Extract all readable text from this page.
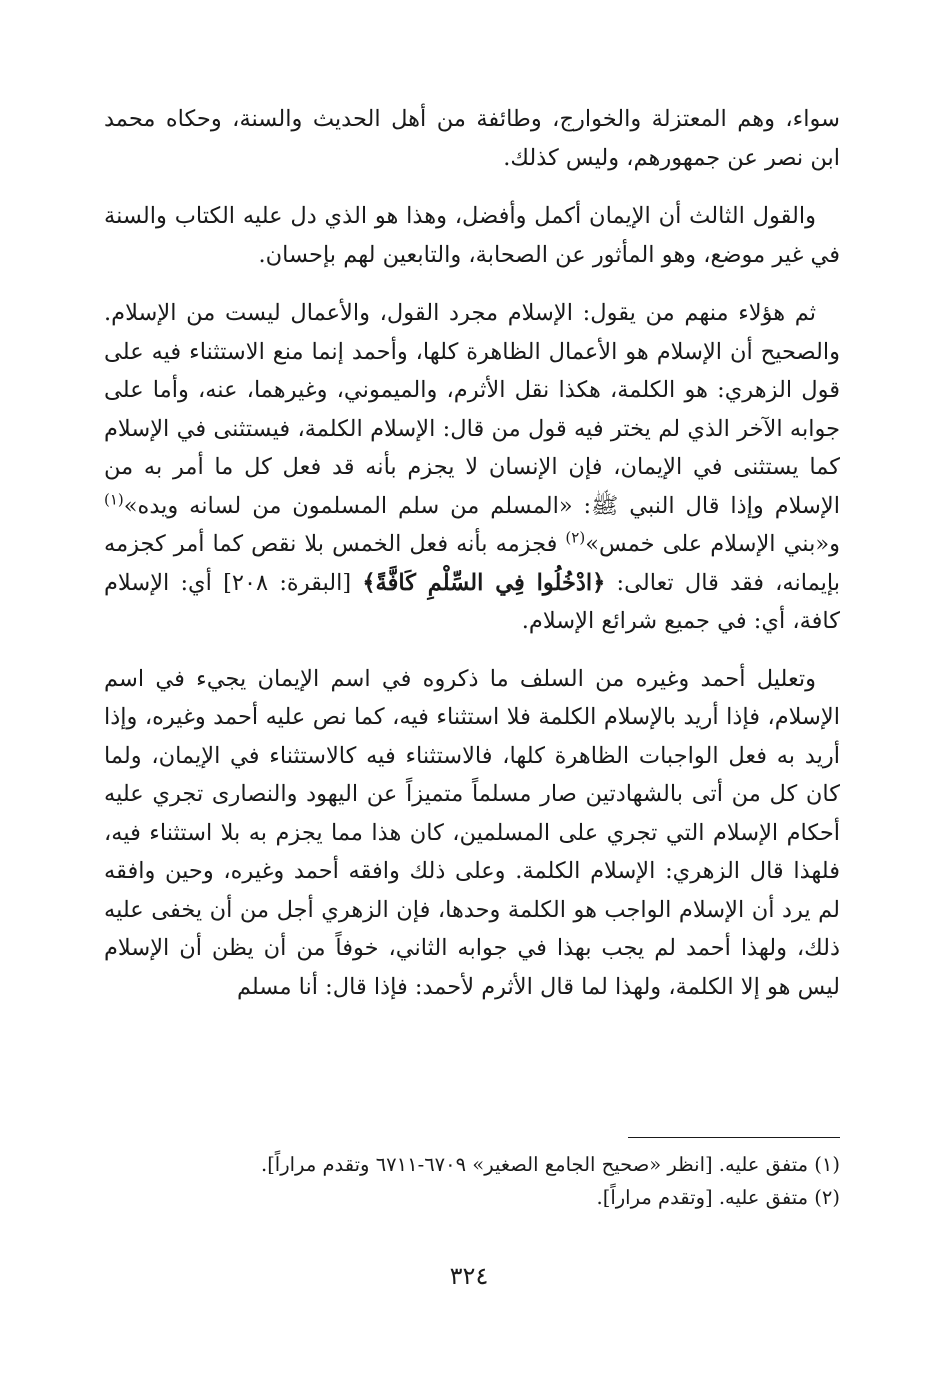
سواء، وهم المعتزلة والخوارج، وطائفة من أهل الحديث والسنة، وحكاه محمد ابن نصر عن جمهورهم، وليس كذلك.

والقول الثالث أن الإيمان أكمل وأفضل، وهذا هو الذي دل عليه الكتاب والسنة في غير موضع، وهو المأثور عن الصحابة، والتابعين لهم بإحسان.

ثم هؤلاء منهم من يقول: الإسلام مجرد القول، والأعمال ليست من الإسلام. والصحيح أن الإسلام هو الأعمال الظاهرة كلها، وأحمد إنما منع الاستثناء فيه على قول الزهري: هو الكلمة، هكذا نقل الأثرم، والميموني، وغيرهما، عنه، وأما على جوابه الآخر الذي لم يختر فيه قول من قال: الإسلام الكلمة، فيستثنى في الإسلام كما يستثنى في الإيمان، فإن الإنسان لا يجزم بأنه قد فعل كل ما أمر به من الإسلام وإذا قال النبي ﷺ: «المسلم من سلم المسلمون من لسانه ويده»$^{(١)}$ و«بني الإسلام على خمس»$^{(٢)}$ فجزمه بأنه فعل الخمس بلا نقص كما أمر كجزمه بإيمانه، فقد قال تعالى: ﴿ادْخُلُوا فِي السِّلْمِ كَافَّةً﴾ [البقرة: ٢٠٨] أي: الإسلام كافة، أي: في جميع شرائع الإسلام.

وتعليل أحمد وغيره من السلف ما ذكروه في اسم الإيمان يجيء في اسم الإسلام، فإذا أريد بالإسلام الكلمة فلا استثناء فيه، كما نص عليه أحمد وغيره، وإذا أريد به فعل الواجبات الظاهرة كلها، فالاستثناء فيه كالاستثناء في الإيمان، ولما كان كل من أتى بالشهادتين صار مسلماً متميزاً عن اليهود والنصارى تجري عليه أحكام الإسلام التي تجري على المسلمين، كان هذا مما يجزم به بلا استثناء فيه، فلهذا قال الزهري: الإسلام الكلمة. وعلى ذلك وافقه أحمد وغيره، وحين وافقه لم يرد أن الإسلام الواجب هو الكلمة وحدها، فإن الزهري أجل من أن يخفى عليه ذلك، ولهذا أحمد لم يجب بهذا في جوابه الثاني، خوفاً من أن يظن أن الإسلام ليس هو إلا الكلمة، ولهذا لما قال الأثرم لأحمد: فإذا قال: أنا مسلم

(١) متفق عليه. [انظر «صحيح الجامع الصغير» ٦٧٠٩-٦٧١١ وتقدم مراراً].

(٢) متفق عليه. [وتقدم مراراً].

٣٢٤
